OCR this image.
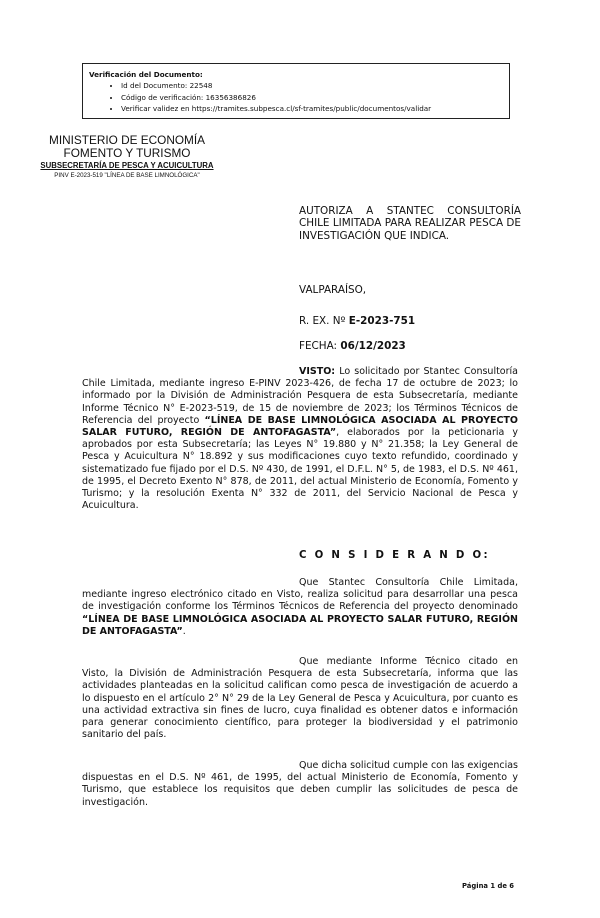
Verificación del Documento:
• Id del Documento: 22548
• Código de verificación: 16356386826
• Verificar validez en https://tramites.subpesca.cl/sf-tramites/public/documentos/validar
MINISTERIO DE ECONOMÍA
FOMENTO Y TURISMO
SUBSECRETARÍA DE PESCA Y ACUICULTURA
PINV E-2023-519 "LÍNEA DE BASE LIMNOLÓGICA"
AUTORIZA A STANTEC CONSULTORÍA CHILE LIMITADA PARA REALIZAR PESCA DE INVESTIGACIÓN QUE INDICA.
VALPARAÍSO,
R. EX. Nº E-2023-751
FECHA: 06/12/2023
VISTO: Lo solicitado por Stantec Consultoría Chile Limitada, mediante ingreso E-PINV 2023-426, de fecha 17 de octubre de 2023; lo informado por la División de Administración Pesquera de esta Subsecretaría, mediante Informe Técnico N° E-2023-519, de 15 de noviembre de 2023; los Términos Técnicos de Referencia del proyecto “LÍNEA DE BASE LIMNOLÓGICA ASOCIADA AL PROYECTO SALAR FUTURO, REGIÓN DE ANTOFAGASTA”, elaborados por la peticionaria y aprobados por esta Subsecretaría; las Leyes N° 19.880 y N° 21.358; la Ley General de Pesca y Acuicultura N° 18.892 y sus modificaciones cuyo texto refundido, coordinado y sistematizado fue fijado por el D.S. Nº 430, de 1991, el D.F.L. N° 5, de 1983, el D.S. Nº 461, de 1995, el Decreto Exento N° 878, de 2011, del actual Ministerio de Economía, Fomento y Turismo; y la resolución Exenta N° 332 de 2011, del Servicio Nacional de Pesca y Acuicultura.
C O N S I D E R A N D O:
Que Stantec Consultoría Chile Limitada, mediante ingreso electrónico citado en Visto, realiza solicitud para desarrollar una pesca de investigación conforme los Términos Técnicos de Referencia del proyecto denominado “LÍNEA DE BASE LIMNOLÓGICA ASOCIADA AL PROYECTO SALAR FUTURO, REGIÓN DE ANTOFAGASTA”.
Que mediante Informe Técnico citado en Visto, la División de Administración Pesquera de esta Subsecretaría, informa que las actividades planteadas en la solicitud califican como pesca de investigación de acuerdo a lo dispuesto en el artículo 2° N° 29 de la Ley General de Pesca y Acuicultura, por cuanto es una actividad extractiva sin fines de lucro, cuya finalidad es obtener datos e información para generar conocimiento científico, para proteger la biodiversidad y el patrimonio sanitario del país.
Que dicha solicitud cumple con las exigencias dispuestas en el D.S. Nº 461, de 1995, del actual Ministerio de Economía, Fomento y Turismo, que establece los requisitos que deben cumplir las solicitudes de pesca de investigación.
Página 1 de 6
